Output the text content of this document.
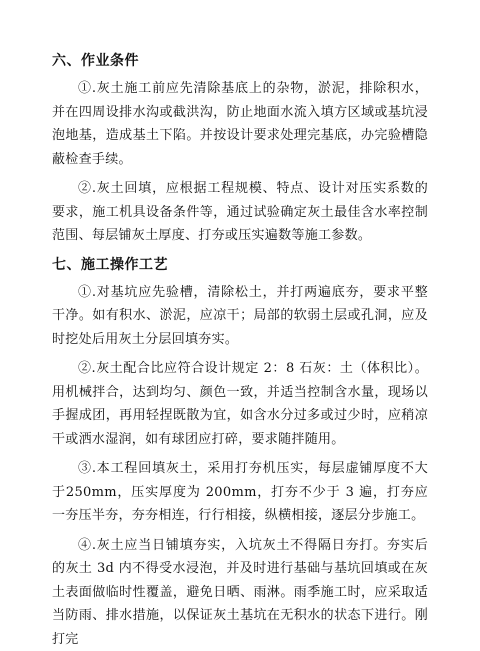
六、作业条件

①.灰土施工前应先清除基底上的杂物，淤泥，排除积水，并在四周设排水沟或截洪沟，防止地面水流入填方区域或基坑浸泡地基，造成基土下陷。并按设计要求处理完基底，办完验槽隐蔽检查手续。

②.灰土回填，应根据工程规模、特点、设计对压实系数的要求，施工机具设备条件等，通过试验确定灰土最佳含水率控制范围、每层铺灰土厚度、打夯或压实遍数等施工参数。

七、施工操作工艺

①.对基坑应先验槽，清除松土，并打两遍底夯，要求平整干净。如有积水、淤泥，应凉干；局部的软弱土层或孔洞，应及时挖处后用灰土分层回填夯实。

②.灰土配合比应符合设计规定 2：8 石灰：土（体积比）。用机械拌合，达到均匀、颜色一致，并适当控制含水量，现场以手握成团，再用轻捏既散为宜，如含水分过多或过少时，应稍凉干或洒水湿润，如有球团应打碎，要求随拌随用。

③.本工程回填灰土，采用打夯机压实，每层虚铺厚度不大于250mm，压实厚度为 200mm，打夯不少于 3 遍，打夯应一夯压半夯，夯夯相连，行行相接，纵横相接，逐层分步施工。

④.灰土应当日铺填夯实，入坑灰土不得隔日夯打。夯实后的灰土 3d 内不得受水浸泡，并及时进行基础与基坑回填或在灰土表面做临时性覆盖，避免日晒、雨淋。雨季施工时，应采取适当防雨、排水措施，以保证灰土基坑在无积水的状态下进行。刚打完
